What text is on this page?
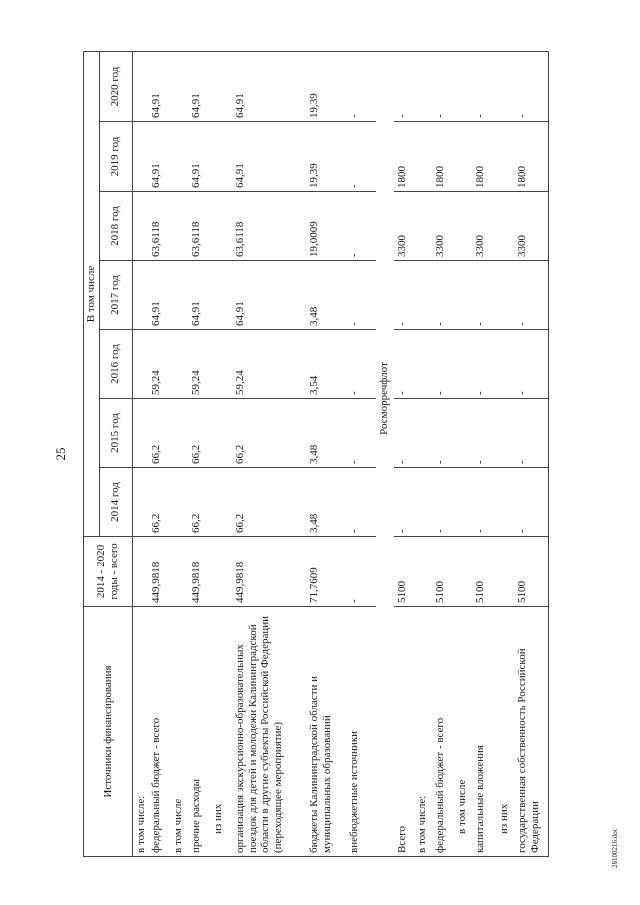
25
Источники финансирования	2014 - 2020 годы - всего	В том числе						
		2014 год	2015 год	2016 год	2017 год	2018 год	2019 год	2020 год
в том числе:								
федеральный бюджет - всего	449,9818	66,2	66,2	59,24	64,91	63,6118	64,91	64,91
в том числе								
прочие расходы	449,9818	66,2	66,2	59,24	64,91	63,6118	64,91	64,91
из них								
организация экскурсионно-образовательных поездок для детей и молодежи Калининградской области в другие субъекты Российской Федерации (переходящее мероприятие)	449,9818	66,2	66,2	59,24	64,91	63,6118	64,91	64,91
бюджеты Калининградской области и муниципальных образований	71,7609	3,48	3,48	3,54	3,48	19,0009	19,39	19,39
внебюджетные источники	-	-	-	-	-	-	-	-
		Росморречфлот						
Всего	5100	-	-	-	-	3300	1800	-
в том числе:								
федеральный бюджет - всего	5100	-	-	-	-	3300	1800	-
в том числе								
капитальные вложения	5100	-	-	-	-	3300	1800	-
из них								
государственная собственность Российской Федерации	5100	-	-	-	-	3300	1800	-
28100216.doc
